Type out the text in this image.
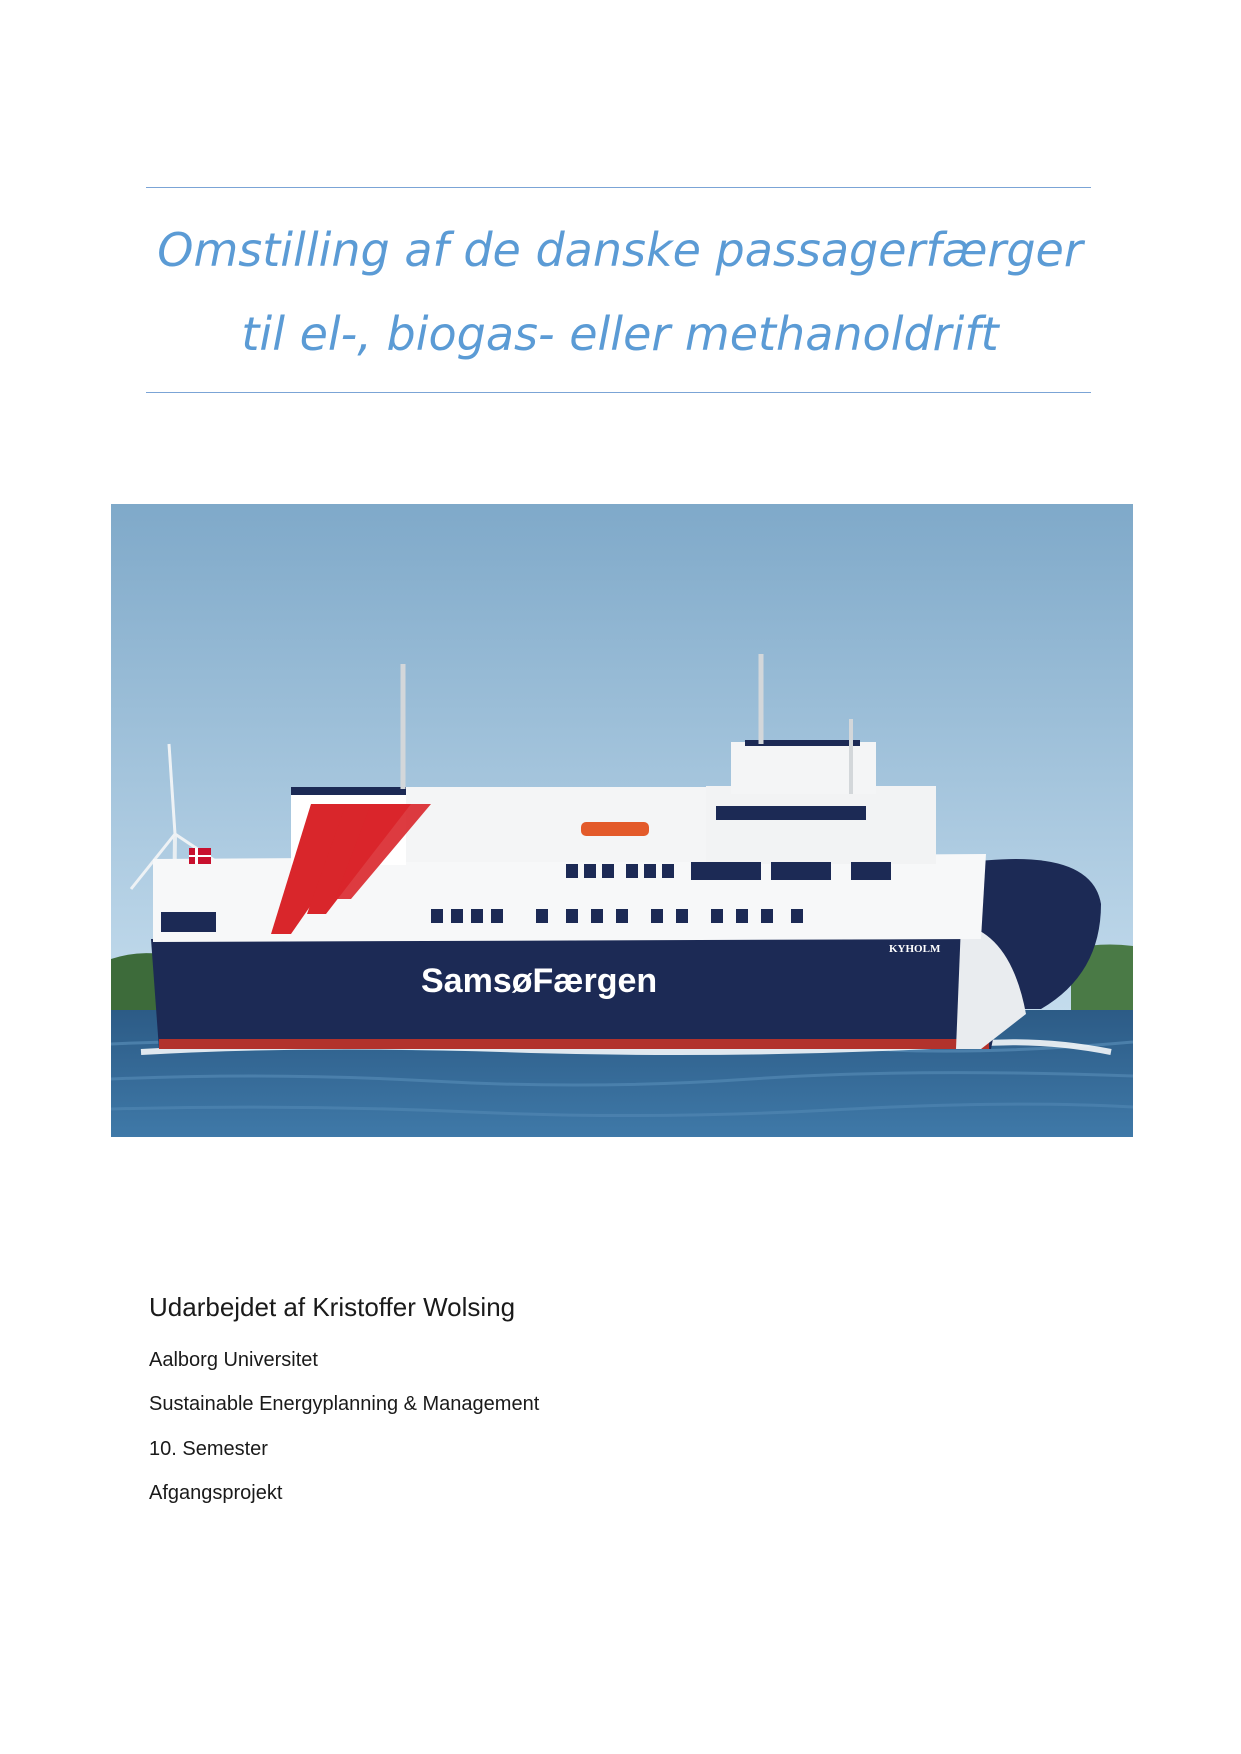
Omstilling af de danske passagerfærger
til el-, biogas- eller methanoldrift
SamsøFærgen
KYHOLM

Udarbejdet af Kristoffer Wolsing

Aalborg Universitet

Sustainable Energyplanning & Management

10. Semester

Afgangsprojekt
